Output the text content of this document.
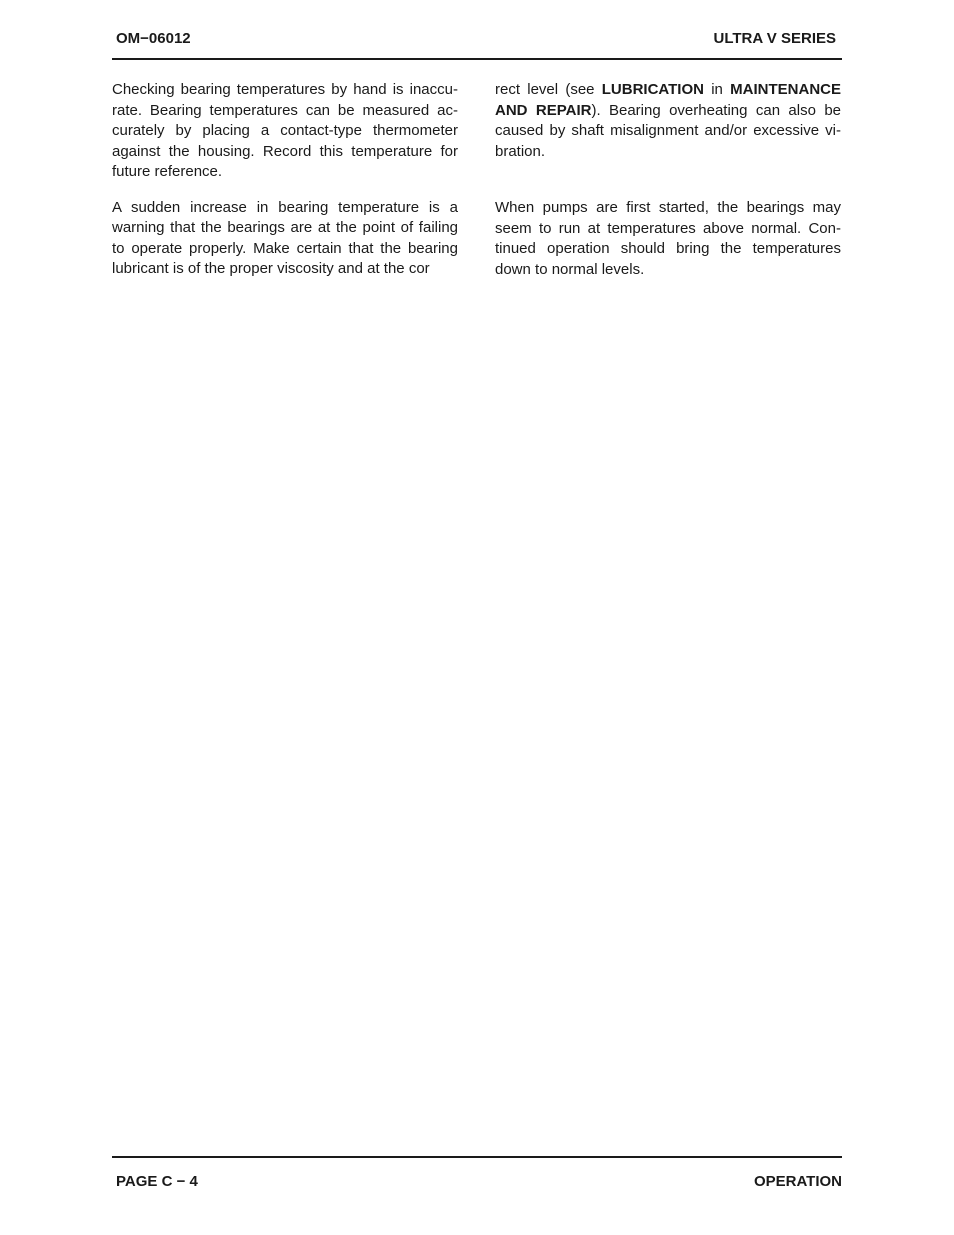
OM−06012	ULTRA V SERIES

Checking bearing temperatures by hand is inaccurate. Bearing temperatures can be measured accurately by placing a contact-type thermometer against the housing. Record this temperature for future reference.

A sudden increase in bearing temperature is a warning that the bearings are at the point of failing to operate properly. Make certain that the bearing lubricant is of the proper viscosity and at the cor

rect level (see LUBRICATION in MAINTENANCE AND REPAIR). Bearing overheating can also be caused by shaft misalignment and/or excessive vibration.

When pumps are first started, the bearings may seem to run at temperatures above normal. Continued operation should bring the temperatures down to normal levels.

PAGE C − 4	OPERATION
